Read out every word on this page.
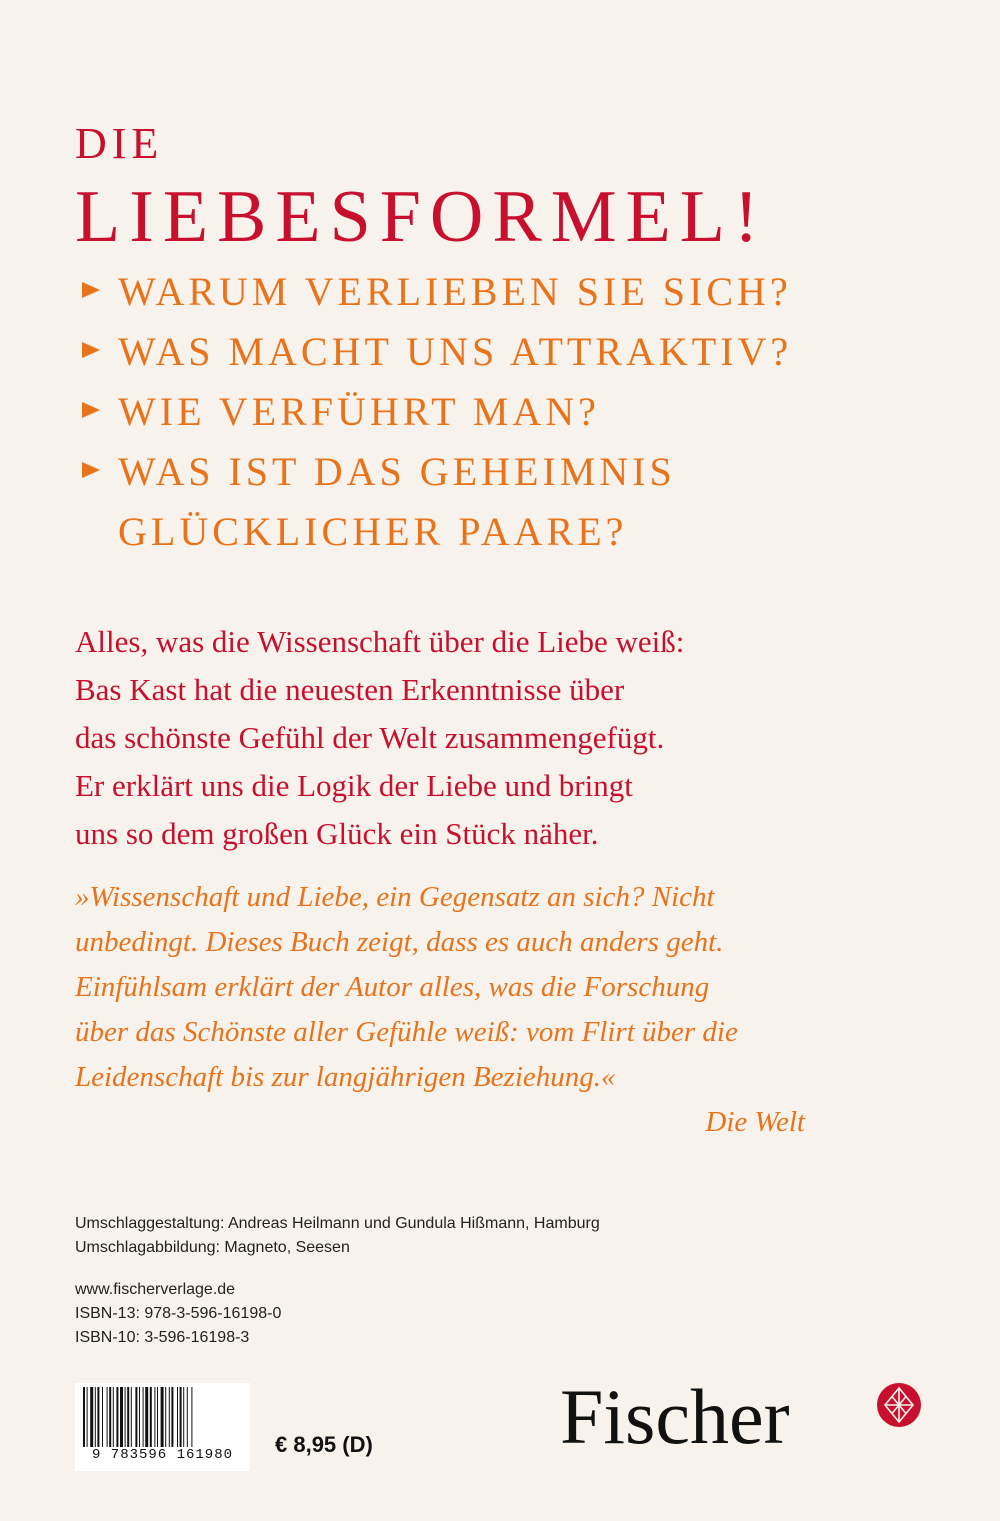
DIE
LIEBESFORMEL!
WARUM VERLIEBEN SIE SICH?
WAS MACHT UNS ATTRAKTIV?
WIE VERFÜHRT MAN?
WAS IST DAS GEHEIMNIS
GLÜCKLICHER PAARE?
Alles, was die Wissenschaft über die Liebe weiß:
Bas Kast hat die neuesten Erkenntnisse über
das schönste Gefühl der Welt zusammengefügt.
Er erklärt uns die Logik der Liebe und bringt
uns so dem großen Glück ein Stück näher.
»Wissenschaft und Liebe, ein Gegensatz an sich? Nicht
unbedingt. Dieses Buch zeigt, dass es auch anders geht.
Einfühlsam erklärt der Autor alles, was die Forschung
über das Schönste aller Gefühle weiß: vom Flirt über die
Leidenschaft bis zur langjährigen Beziehung.«
Die Welt
Umschlaggestaltung: Andreas Heilmann und Gundula Hißmann, Hamburg
Umschlagabbildung: Magneto, Seesen
www.fischerverlage.de
ISBN-13: 978-3-596-16198-0
ISBN-10: 3-596-16198-3
9 783596 161980	€ 8,95 (D) Fischer
